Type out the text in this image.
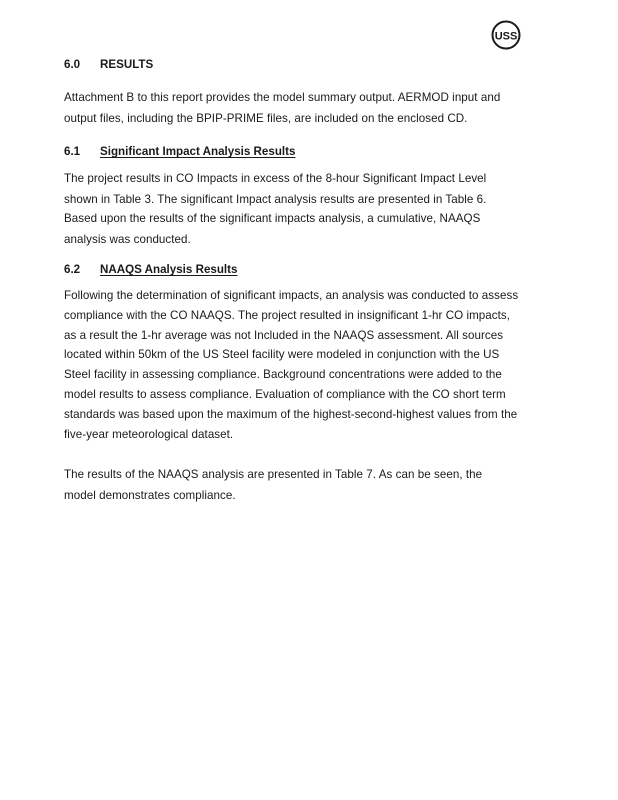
USS
6.0 RESULTS
Attachment B to this report provides the model summary output. AERMOD input and
output files, including the BPIP-PRIME files, are included on the enclosed CD.
6.1 Significant Impact Analysis Results
The project results in CO Impacts in excess of the 8-hour Significant Impact Level
shown in Table 3. The significant Impact analysis results are presented in Table 6.
Based upon the results of the significant impacts analysis, a cumulative, NAAQS
analysis was conducted.
6.2 NAAQS Analysis Results
Following the determination of significant impacts, an analysis was conducted to assess
compliance with the CO NAAQS. The project resulted in insignificant 1-hr CO impacts,
as a result the 1-hr average was not Included in the NAAQS assessment. All sources
located within 50km of the US Steel facility were modeled in conjunction with the US
Steel facility in assessing compliance. Background concentrations were added to the
model results to assess compliance. Evaluation of compliance with the CO short term
standards was based upon the maximum of the highest-second-highest values from the
five-year meteorological dataset.
The results of the NAAQS analysis are presented in Table 7. As can be seen, the
model demonstrates compliance.
